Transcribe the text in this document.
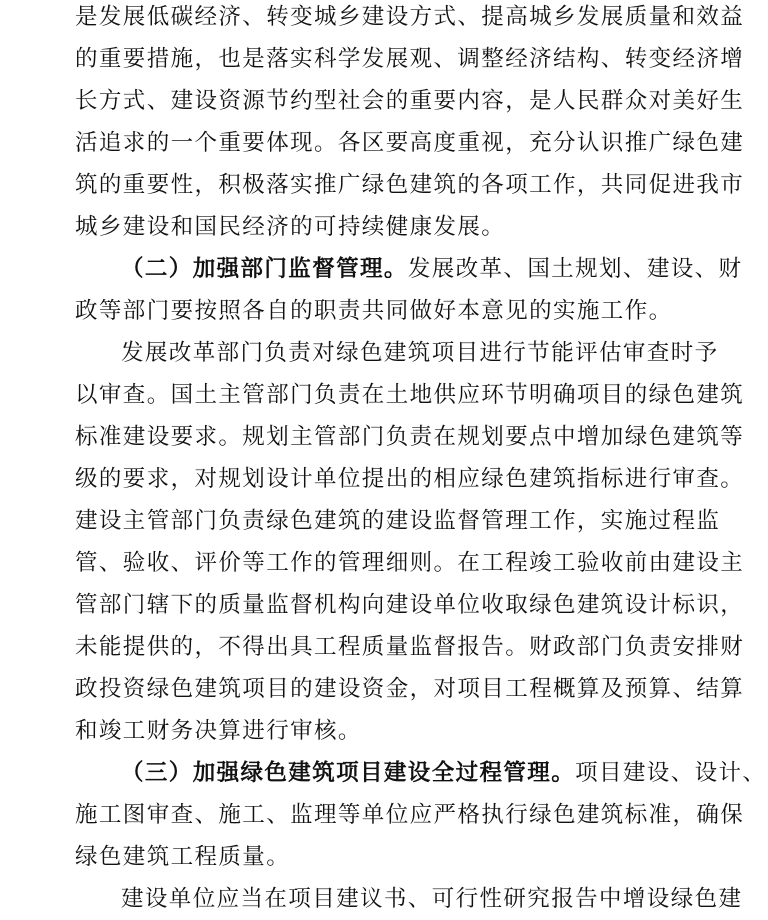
是发展低碳经济、转变城乡建设方式、提高城乡发展质量和效益
的重要措施，也是落实科学发展观、调整经济结构、转变经济增
长方式、建设资源节约型社会的重要内容，是人民群众对美好生
活追求的一个重要体现。各区要高度重视，充分认识推广绿色建
筑的重要性，积极落实推广绿色建筑的各项工作，共同促进我市
城乡建设和国民经济的可持续健康发展。
（二）加强部门监督管理。发展改革、国土规划、建设、财
政等部门要按照各自的职责共同做好本意见的实施工作。
发展改革部门负责对绿色建筑项目进行节能评估审查时予
以审查。国土主管部门负责在土地供应环节明确项目的绿色建筑
标准建设要求。规划主管部门负责在规划要点中增加绿色建筑等
级的要求，对规划设计单位提出的相应绿色建筑指标进行审查。
建设主管部门负责绿色建筑的建设监督管理工作，实施过程监
管、验收、评价等工作的管理细则。在工程竣工验收前由建设主
管部门辖下的质量监督机构向建设单位收取绿色建筑设计标识，
未能提供的，不得出具工程质量监督报告。财政部门负责安排财
政投资绿色建筑项目的建设资金，对项目工程概算及预算、结算
和竣工财务决算进行审核。
（三）加强绿色建筑项目建设全过程管理。项目建设、设计、
施工图审查、施工、监理等单位应严格执行绿色建筑标准，确保
绿色建筑工程质量。
建设单位应当在项目建议书、可行性研究报告中增设绿色建
